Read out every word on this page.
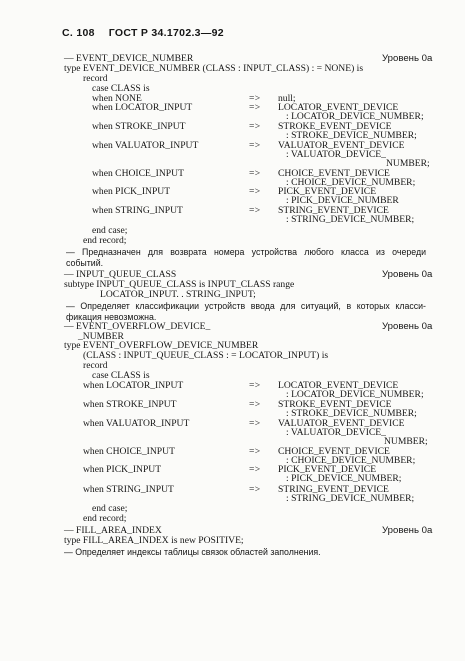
С. 108 ГОСТ Р 34.1702.3—92
— EVENT_DEVICE_NUMBER	Уровень 0а
type EVENT_DEVICE_NUMBER (CLASS : INPUT_CLASS) : = NONE) is
record
case CLASS is
when NONE	= > null;
when LOCATOR_INPUT	= > LOCATOR_EVENT_DEVICE
: LOCATOR_DEVICE_NUMBER;
when STROKE_INPUT	= > STROKE_EVENT_DEVICE
: STROKE_DEVICE_NUMBER;
when VALUATOR_INPUT	= > VALUATOR_EVENT_DEVICE
: VALUATOR_DEVICE_
NUMBER;
when CHOICE_INPUT	= > CHOICE_EVENT_DEVICE
: CHOICE_DEVICE_NUMBER;
when PICK_INPUT	= > PICK_EVENT_DEVICE
: PICK_DEVICE_NUMBER
when STRING_INPUT	= > STRING_EVENT_DEVICE
: STRING_DEVICE_NUMBER;
end case;
end record;
— Предназначен для возврата номера устройства любого класса из очереди
событий.
— INPUT_QUEUE_CLASS	Уровень 0а
subtype INPUT_QUEUE_CLASS is INPUT_CLASS range
LOCATOR_INPUT. . STRING_INPUT;
— Определяет классификации устройств ввода для ситуаций, в которых класси-
фикация невозможна.
— EVENT_OVERFLOW_DEVICE_	Уровень 0а
_NUMBER
type EVENT_OVERFLOW_DEVICE_NUMBER
(CLASS : INPUT_QUEUE_CLASS : = LOCATOR_INPUT) is
record
case CLASS is
when LOCATOR_INPUT	= > LOCATOR_EVENT_DEVICE
: LOCATOR_DEVICE_NUMBER;
when STROKE_INPUT	= > STROKE_EVENT_DEVICE
: STROKE_DEVICE_NUMBER;
when VALUATOR_INPUT	= > VALUATOR_EVENT_DEVICE
: VALUATOR_DEVICE_
NUMBER;
when CHOICE_INPUT	= > CHOICE_EVENT_DEVICE
: CHOICE_DEVICE_NUMBER;
when PICK_INPUT	= > PICK_EVENT_DEVICE
: PICK_DEVICE_NUMBER;
when STRING_INPUT	= > STRING_EVENT_DEVICE
: STRING_DEVICE_NUMBER;
end case;
end record;
— FILL_AREA_INDEX	Уровень 0а
type FILL_AREA_INDEX is new POSITIVE;
— Определяет индексы таблицы связок областей заполнения.
